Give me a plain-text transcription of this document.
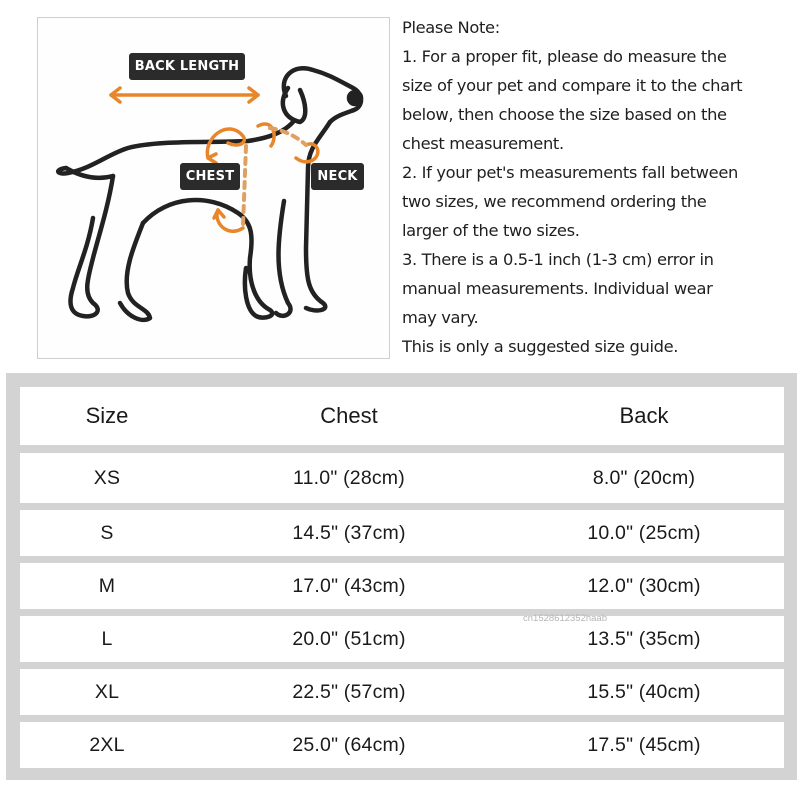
BACK LENGTH
CHEST	NECK
Please Note:
1. For a proper fit, please do measure the
size of your pet and compare it to the chart
below, then choose the size based on the
chest measurement.
2. If your pet's measurements fall between
two sizes, we recommend ordering the
larger of the two sizes.
3. There is a 0.5-1 inch (1-3 cm) error in
manual measurements. Individual wear
may vary.
This is only a suggested size guide.
Size	Chest	Back
XS	11.0" (28cm)	8.0" (20cm)
S	14.5" (37cm)	10.0" (25cm)
M	17.0" (43cm)	12.0" (30cm)
L	20.0" (51cm)	13.5" (35cm)
XL	22.5" (57cm)	15.5" (40cm)
2XL	25.0" (64cm)	17.5" (45cm)
cn1528612352haab
